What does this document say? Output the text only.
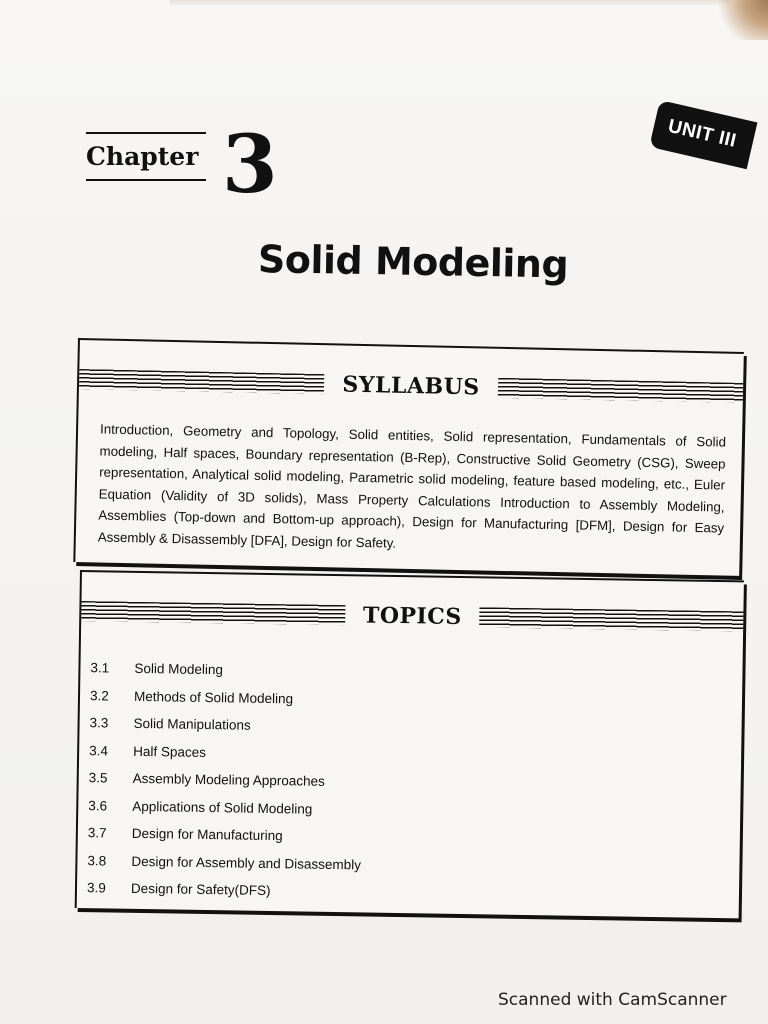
UNIT III
Chapter 3
Solid Modeling
SYLLABUS
Introduction, Geometry and Topology, Solid entities, Solid representation, Fundamentals of Solid modeling, Half spaces, Boundary representation (B-Rep), Constructive Solid Geometry (CSG), Sweep representation, Analytical solid modeling, Parametric solid modeling, feature based modeling, etc., Euler Equation (Validity of 3D solids), Mass Property Calculations Introduction to Assembly Modeling, Assemblies (Top-down and Bottom-up approach), Design for Manufacturing [DFM], Design for Easy Assembly & Disassembly [DFA], Design for Safety.
TOPICS
3.1	Solid Modeling
3.2	Methods of Solid Modeling
3.3	Solid Manipulations
3.4	Half Spaces
3.5	Assembly Modeling Approaches
3.6	Applications of Solid Modeling
3.7	Design for Manufacturing
3.8	Design for Assembly and Disassembly
3.9	Design for Safety(DFS)
Scanned with CamScanner
